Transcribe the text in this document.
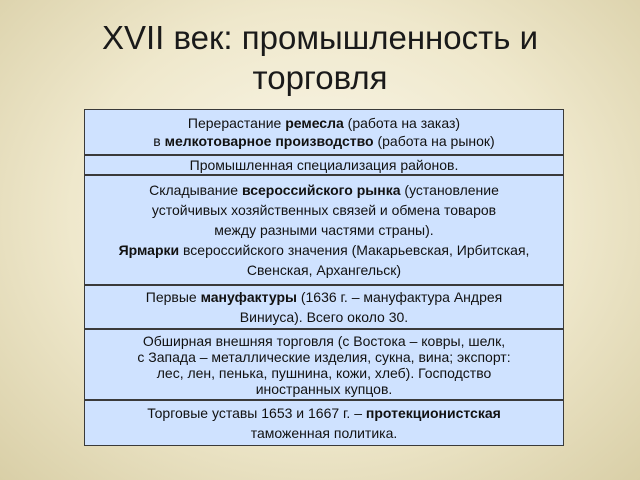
XVII век: промышленность и
торговля
Перерастание ремесла (работа на заказ)
в мелкотоварное производство (работа на рынок)
Промышленная специализация районов.
Складывание всероссийского рынка (установление
устойчивых хозяйственных связей и обмена товаров
между разными частями страны).
Ярмарки всероссийского значения (Макарьевская, Ирбитская,
Свенская, Архангельск)
Первые мануфактуры (1636 г. – мануфактура Андрея
Виниуса). Всего около 30.
Обширная внешняя торговля (с Востока – ковры, шелк,
с Запада – металлические изделия, сукна, вина; экспорт:
лес, лен, пенька, пушнина, кожи, хлеб). Господство
иностранных купцов.
Торговые уставы 1653 и 1667 г. – протекционистская
таможенная политика.
